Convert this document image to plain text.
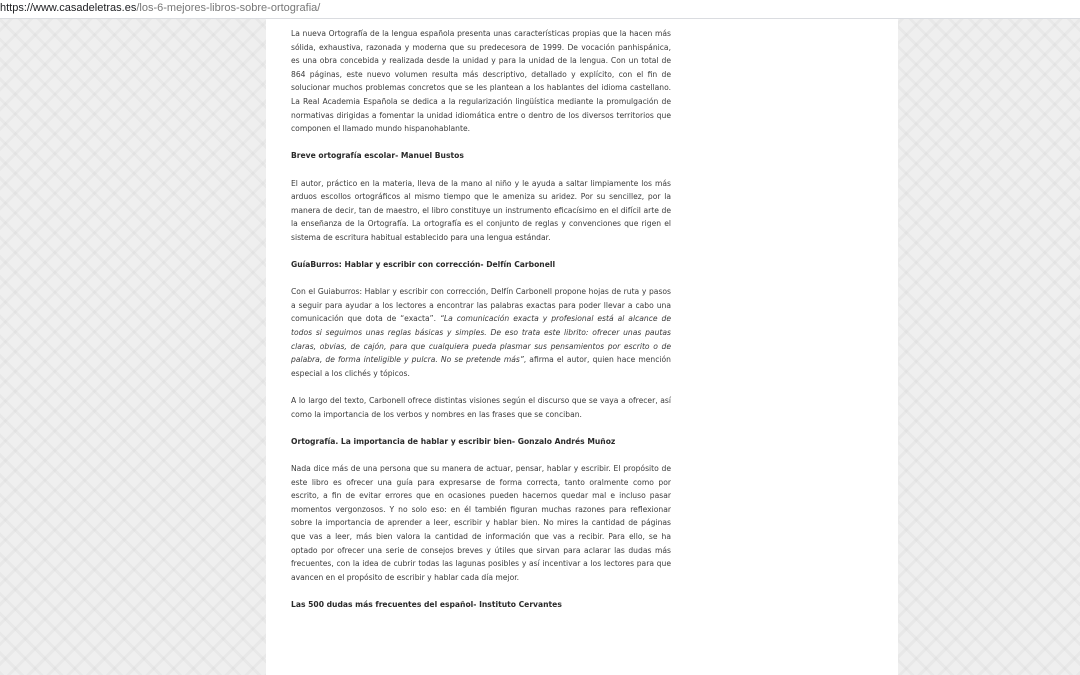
https://www.casadeletras.es/los-6-mejores-libros-sobre-ortografia/

La nueva Ortografía de la lengua española presenta unas características propias que la hacen más sólida, exhaustiva, razonada y moderna que su predecesora de 1999. De vocación panhispánica, es una obra concebida y realizada desde la unidad y para la unidad de la lengua. Con un total de 864 páginas, este nuevo volumen resulta más descriptivo, detallado y explícito, con el fin de solucionar muchos problemas concretos que se les plantean a los hablantes del idioma castellano. La Real Academia Española se dedica a la regularización lingüística mediante la promulgación de normativas dirigidas a fomentar la unidad idiomática entre o dentro de los diversos territorios que componen el llamado mundo hispanohablante.

Breve ortografía escolar- Manuel Bustos

El autor, práctico en la materia, lleva de la mano al niño y le ayuda a saltar limpiamente los más arduos escollos ortográficos al mismo tiempo que le ameniza su aridez. Por su sencillez, por la manera de decir, tan de maestro, el libro constituye un instrumento eficacísimo en el difícil arte de la enseñanza de la Ortografía. La ortografía es el conjunto de reglas y convenciones que rigen el sistema de escritura habitual establecido para una lengua estándar.

GuíaBurros: Hablar y escribir con corrección- Delfín Carbonell

Con el Guiaburros: Hablar y escribir con corrección, Delfín Carbonell propone hojas de ruta y pasos a seguir para ayudar a los lectores a encontrar las palabras exactas para poder llevar a cabo una comunicación que dota de “exacta”. “La comunicación exacta y profesional está al alcance de todos si seguimos unas reglas básicas y simples. De eso trata este librito: ofrecer unas pautas claras, obvias, de cajón, para que cualquiera pueda plasmar sus pensamientos por escrito o de palabra, de forma inteligible y pulcra. No se pretende más”, afirma el autor, quien hace mención especial a los clichés y tópicos.

A lo largo del texto, Carbonell ofrece distintas visiones según el discurso que se vaya a ofrecer, así como la importancia de los verbos y nombres en las frases que se conciban.

Ortografía. La importancia de hablar y escribir bien- Gonzalo Andrés Muñoz

Nada dice más de una persona que su manera de actuar, pensar, hablar y escribir. El propósito de este libro es ofrecer una guía para expresarse de forma correcta, tanto oralmente como por escrito, a fin de evitar errores que en ocasiones pueden hacernos quedar mal e incluso pasar momentos vergonzosos. Y no solo eso: en él también figuran muchas razones para reflexionar sobre la importancia de aprender a leer, escribir y hablar bien. No mires la cantidad de páginas que vas a leer, más bien valora la cantidad de información que vas a recibir. Para ello, se ha optado por ofrecer una serie de consejos breves y útiles que sirvan para aclarar las dudas más frecuentes, con la idea de cubrir todas las lagunas posibles y así incentivar a los lectores para que avancen en el propósito de escribir y hablar cada día mejor.

Las 500 dudas más frecuentes del español- Instituto Cervantes
